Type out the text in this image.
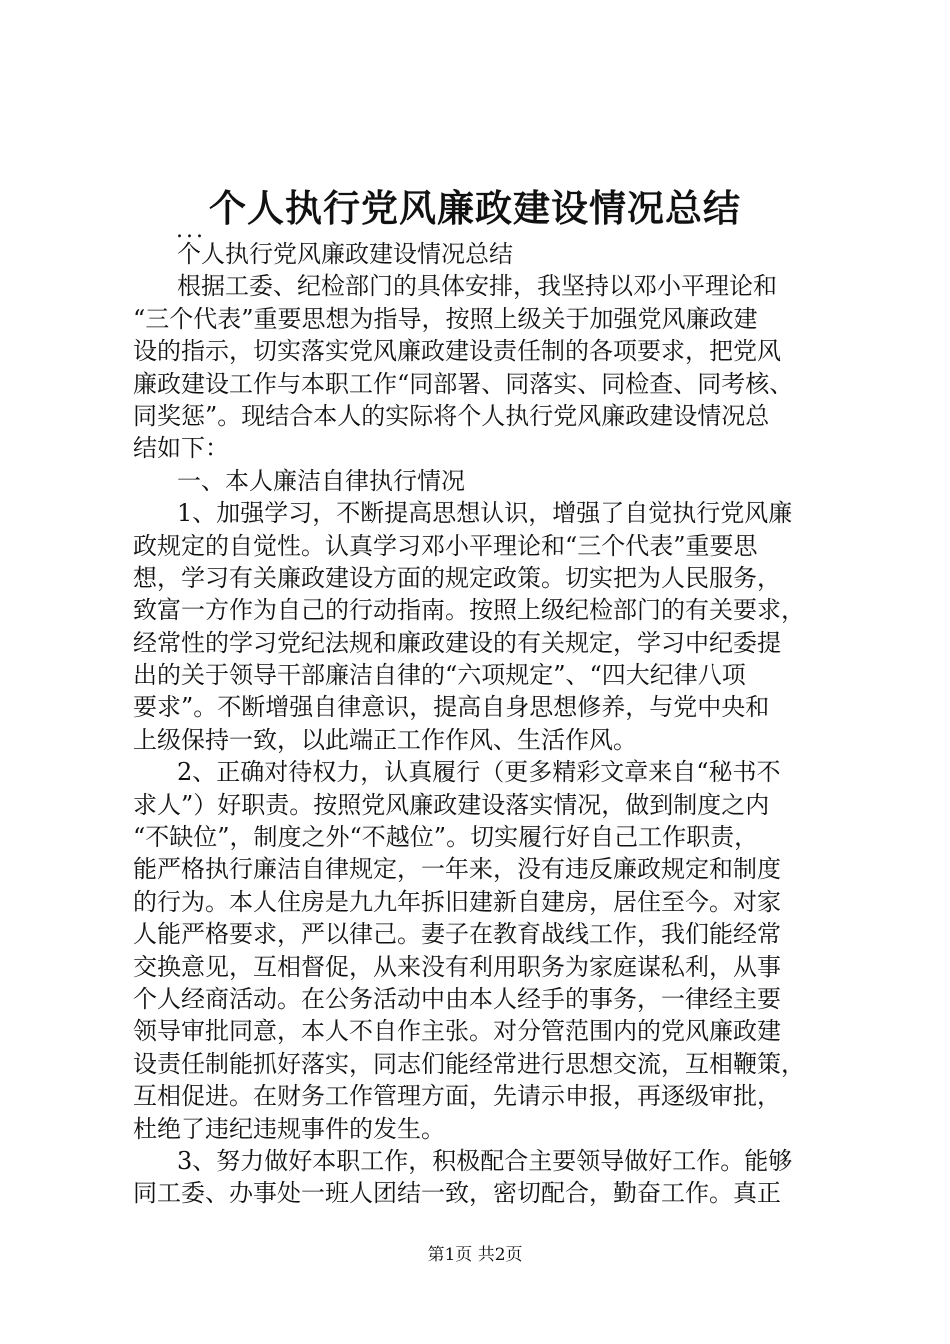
个人执行党风廉政建设情况总结
...
个人执行党风廉政建设情况总结
根据工委、纪检部门的具体安排，我坚持以邓小平理论和
“三个代表”重要思想为指导，按照上级关于加强党风廉政建
设的指示，切实落实党风廉政建设责任制的各项要求，把党风
廉政建设工作与本职工作“同部署、同落实、同检查、同考核、
同奖惩”。现结合本人的实际将个人执行党风廉政建设情况总
结如下：
一、本人廉洁自律执行情况
1、加强学习，不断提高思想认识，增强了自觉执行党风廉
政规定的自觉性。认真学习邓小平理论和“三个代表”重要思
想，学习有关廉政建设方面的规定政策。切实把为人民服务，
致富一方作为自己的行动指南。按照上级纪检部门的有关要求，
经常性的学习党纪法规和廉政建设的有关规定，学习中纪委提
出的关于领导干部廉洁自律的“六项规定”、“四大纪律八项
要求”。不断增强自律意识，提高自身思想修养，与党中央和
上级保持一致，以此端正工作作风、生活作风。
2、正确对待权力，认真履行（更多精彩文章来自“秘书不
求人”）好职责。按照党风廉政建设落实情况，做到制度之内
“不缺位”，制度之外“不越位”。切实履行好自己工作职责，
能严格执行廉洁自律规定，一年来，没有违反廉政规定和制度
的行为。本人住房是九九年拆旧建新自建房，居住至今。对家
人能严格要求，严以律己。妻子在教育战线工作，我们能经常
交换意见，互相督促，从来没有利用职务为家庭谋私利，从事
个人经商活动。在公务活动中由本人经手的事务，一律经主要
领导审批同意，本人不自作主张。对分管范围内的党风廉政建
设责任制能抓好落实，同志们能经常进行思想交流，互相鞭策，
互相促进。在财务工作管理方面，先请示申报，再逐级审批，
杜绝了违纪违规事件的发生。
3、努力做好本职工作，积极配合主要领导做好工作。能够
同工委、办事处一班人团结一致，密切配合，勤奋工作。真正
第1页 共2页
